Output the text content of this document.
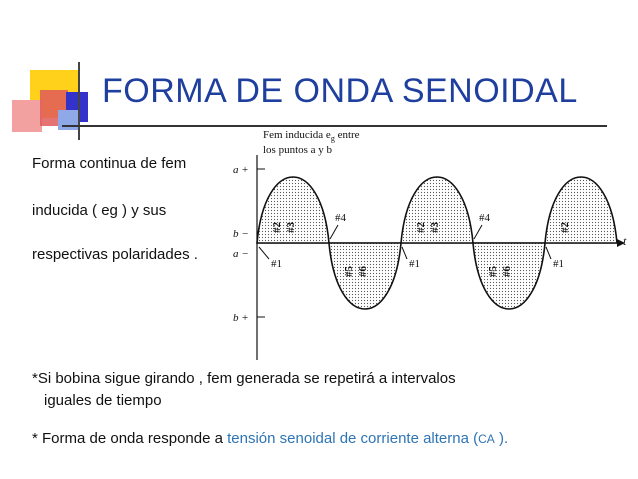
FORMA DE ONDA SENOIDAL
Forma continua de fem
inducida ( eg ) y sus
respectivas polaridades .
Fem inducida $e_g$ entre
los puntos a y b
t
a +
b −
a −
b +
#2 #3
#5 #6
#2 #3
#5 #6
#2
#4	#4
#1	#1	#1
*Si bobina sigue girando , fem generada se repetirá a intervalos
iguales de tiempo
* Forma de onda responde a tensión senoidal de corriente alterna (CA ).
